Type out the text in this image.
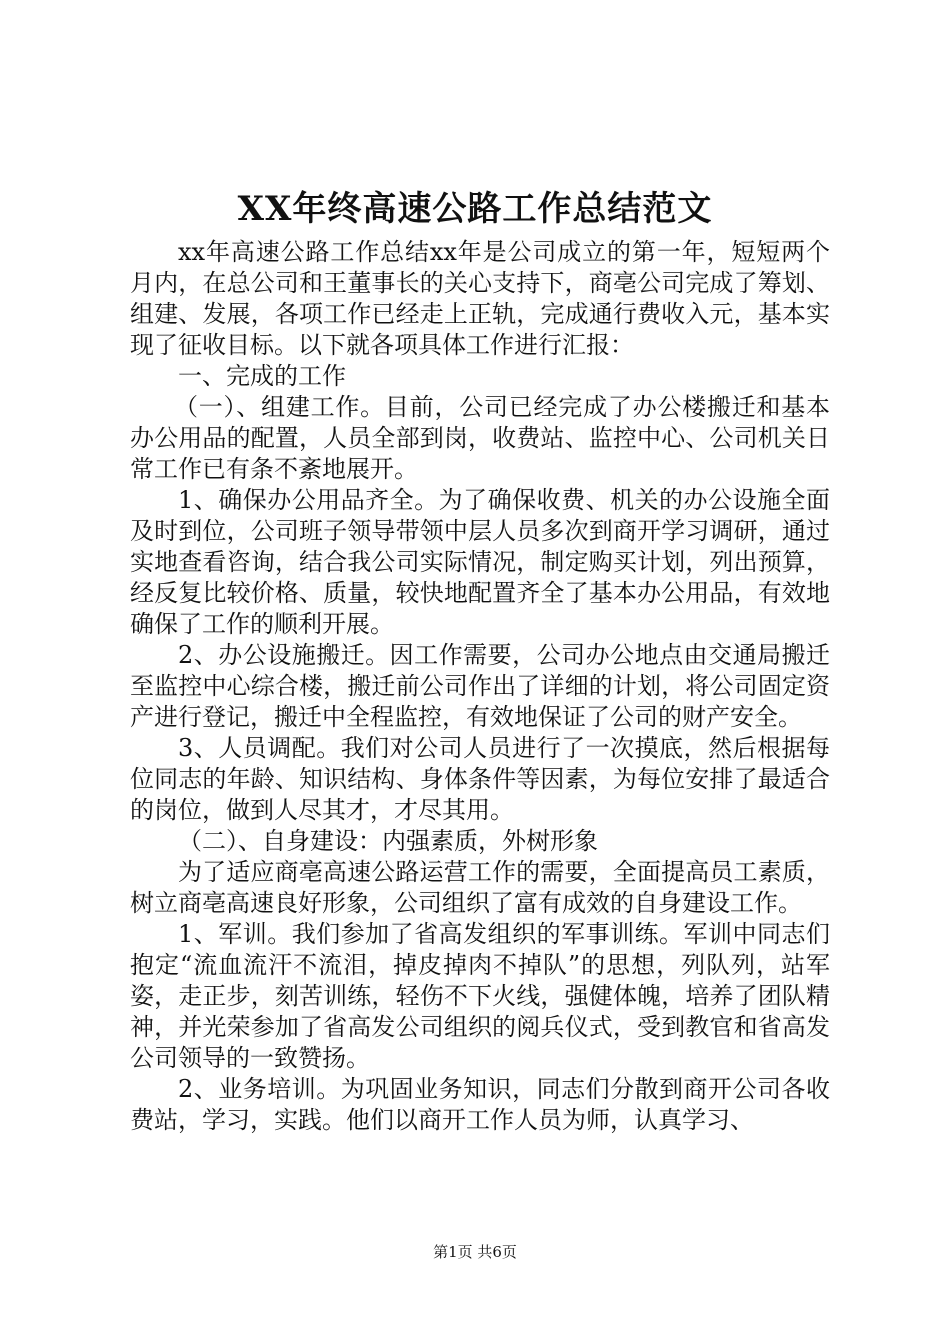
XX年终高速公路工作总结范文

xx年高速公路工作总结xx年是公司成立的第一年，短短两个月内，在总公司和王董事长的关心支持下，商亳公司完成了筹划、组建、发展，各项工作已经走上正轨，完成通行费收入元，基本实现了征收目标。以下就各项具体工作进行汇报：

一、完成的工作

（一）、组建工作。目前，公司已经完成了办公楼搬迁和基本办公用品的配置，人员全部到岗，收费站、监控中心、公司机关日常工作已有条不紊地展开。

1、确保办公用品齐全。为了确保收费、机关的办公设施全面及时到位，公司班子领导带领中层人员多次到商开学习调研，通过实地查看咨询，结合我公司实际情况，制定购买计划，列出预算，经反复比较价格、质量，较快地配置齐全了基本办公用品，有效地确保了工作的顺利开展。

2、办公设施搬迁。因工作需要，公司办公地点由交通局搬迁至监控中心综合楼，搬迁前公司作出了详细的计划，将公司固定资产进行登记，搬迁中全程监控，有效地保证了公司的财产安全。

3、人员调配。我们对公司人员进行了一次摸底，然后根据每位同志的年龄、知识结构、身体条件等因素，为每位安排了最适合的岗位，做到人尽其才，才尽其用。

（二）、自身建设：内强素质，外树形象

为了适应商亳高速公路运营工作的需要，全面提高员工素质，树立商亳高速良好形象，公司组织了富有成效的自身建设工作。

1、军训。我们参加了省高发组织的军事训练。军训中同志们抱定“流血流汗不流泪，掉皮掉肉不掉队”的思想，列队列，站军姿，走正步，刻苦训练，轻伤不下火线，强健体魄，培养了团队精神，并光荣参加了省高发公司组织的阅兵仪式，受到教官和省高发公司领导的一致赞扬。

2、业务培训。为巩固业务知识，同志们分散到商开公司各收费站，学习，实践。他们以商开工作人员为师，认真学习、

第1页 共6页
